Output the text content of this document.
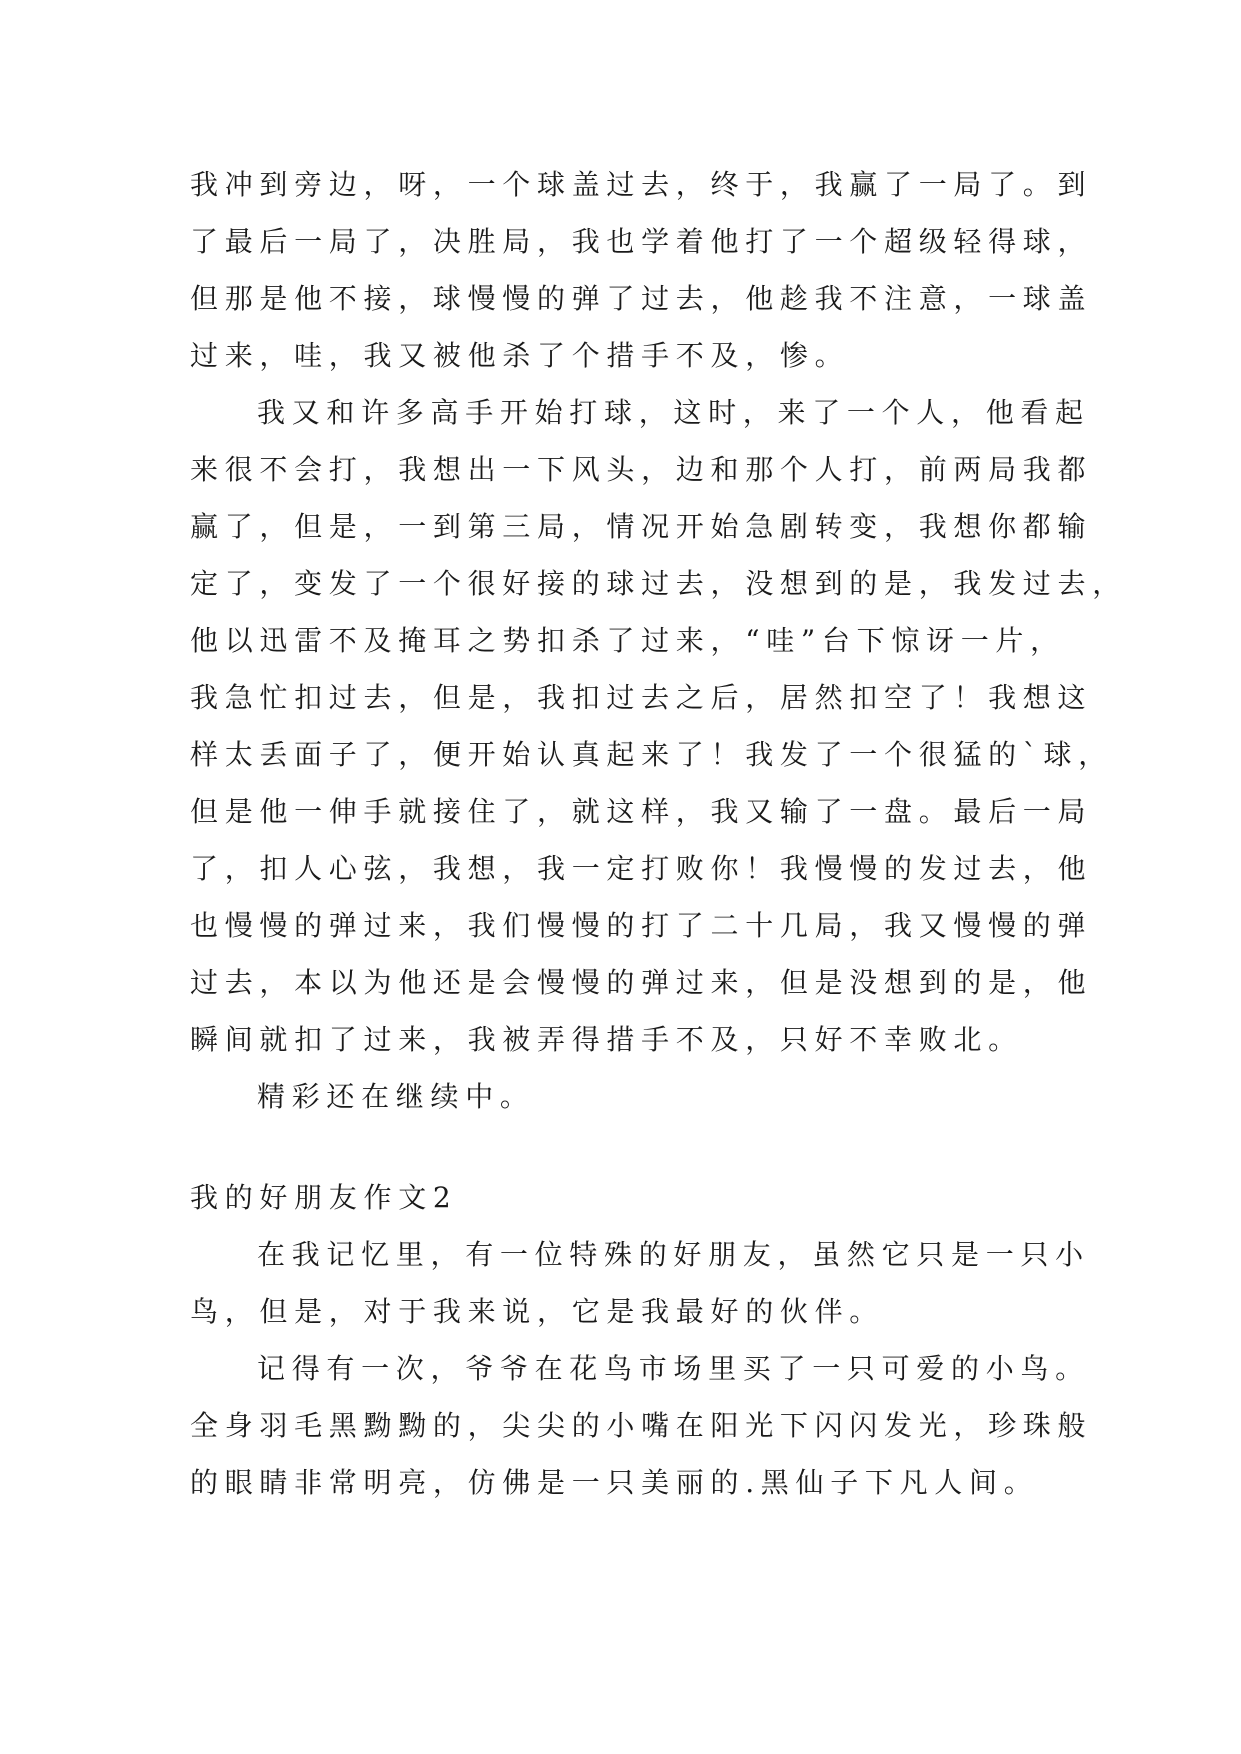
我冲到旁边，呀，一个球盖过去，终于，我赢了一局了。到
了最后一局了，决胜局，我也学着他打了一个超级轻得球，
但那是他不接，球慢慢的弹了过去，他趁我不注意，一球盖
过来，哇，我又被他杀了个措手不及，惨。
我又和许多高手开始打球，这时，来了一个人，他看起
来很不会打，我想出一下风头，边和那个人打，前两局我都
赢了，但是，一到第三局，情况开始急剧转变，我想你都输
定了，变发了一个很好接的球过去，没想到的是，我发过去，
他以迅雷不及掩耳之势扣杀了过来，“哇”台下惊讶一片，
我急忙扣过去，但是，我扣过去之后，居然扣空了！我想这
样太丢面子了，便开始认真起来了！我发了一个很猛的`球，
但是他一伸手就接住了，就这样，我又输了一盘。最后一局
了，扣人心弦，我想，我一定打败你！我慢慢的发过去，他
也慢慢的弹过来，我们慢慢的打了二十几局，我又慢慢的弹
过去，本以为他还是会慢慢的弹过来，但是没想到的是，他
瞬间就扣了过来，我被弄得措手不及，只好不幸败北。
精彩还在继续中。
我的好朋友作文2
在我记忆里，有一位特殊的好朋友，虽然它只是一只小
鸟，但是，对于我来说，它是我最好的伙伴。
记得有一次，爷爷在花鸟市场里买了一只可爱的小鸟。
全身羽毛黑黝黝的，尖尖的小嘴在阳光下闪闪发光，珍珠般
的眼睛非常明亮，仿佛是一只美丽的.黑仙子下凡人间。
